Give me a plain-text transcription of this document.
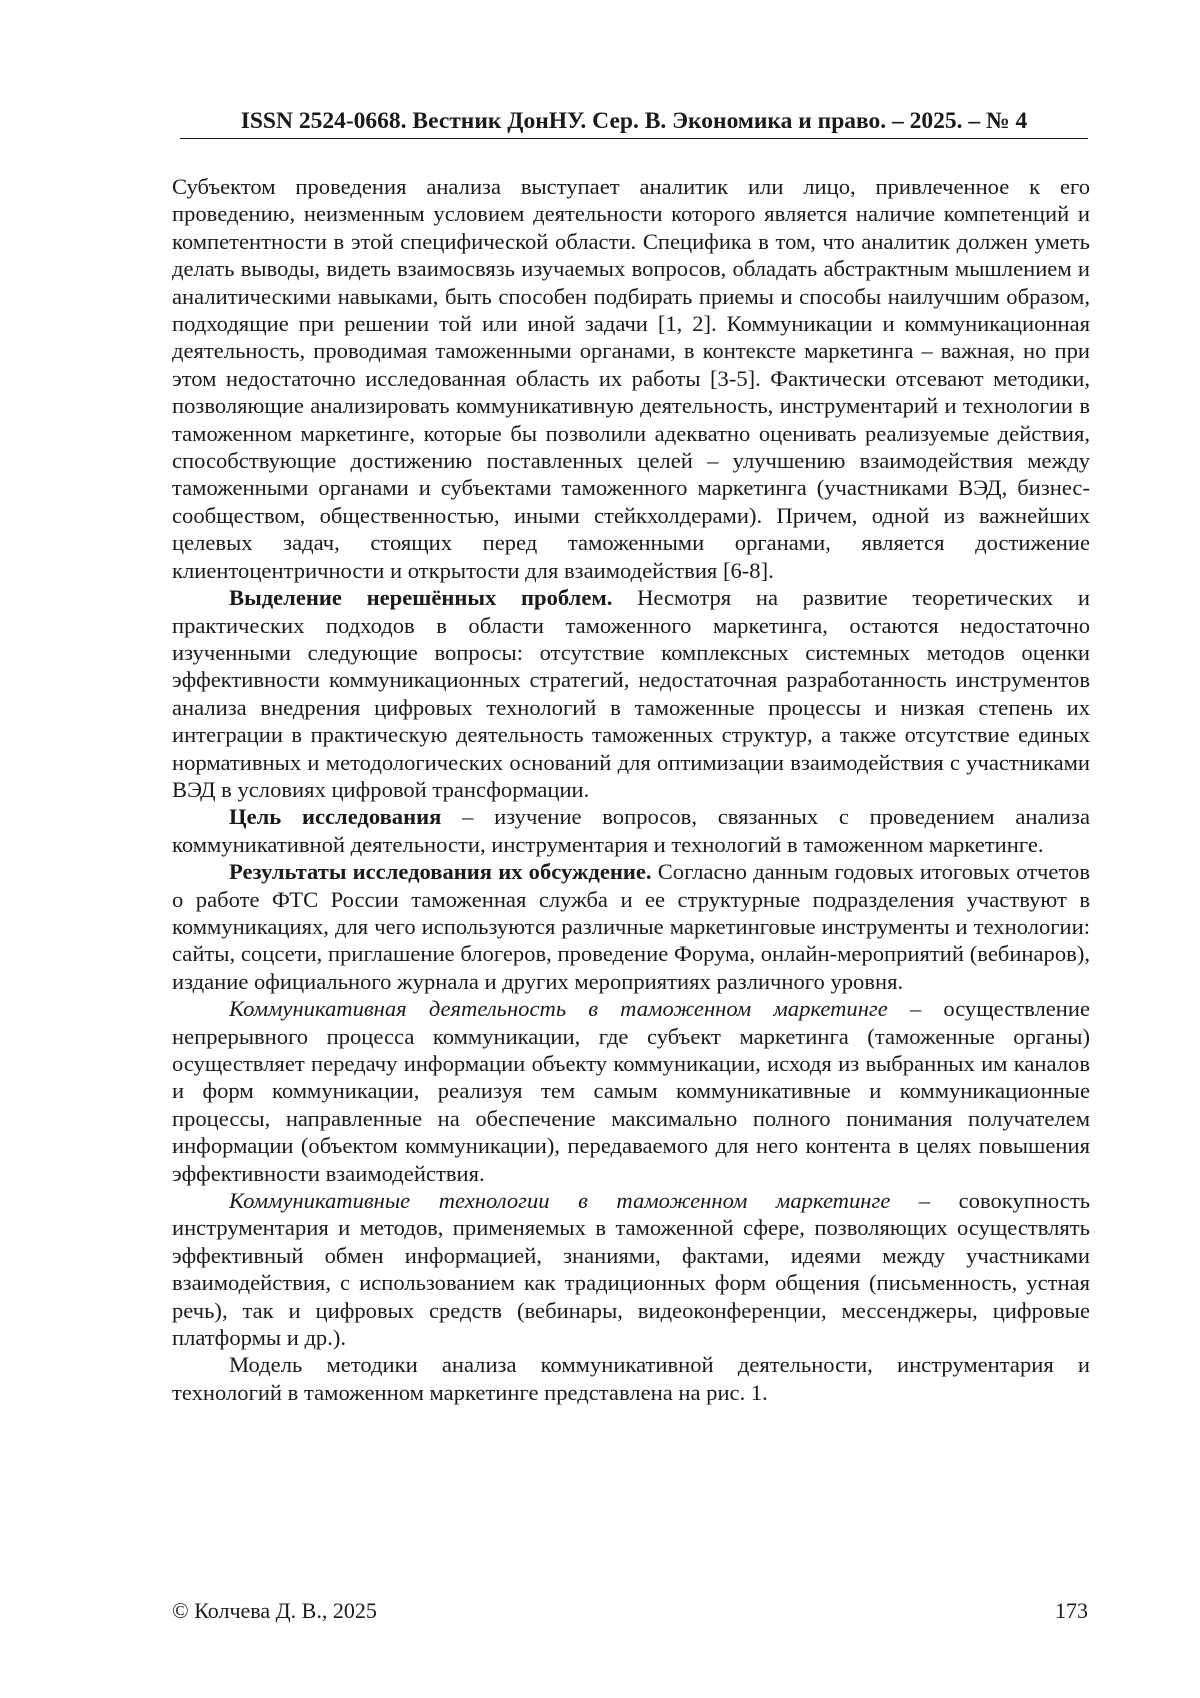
ISSN 2524-0668. Вестник ДонНУ. Сер. В. Экономика и право. – 2025. – № 4

Субъектом проведения анализа выступает аналитик или лицо, привлеченное к его проведению, неизменным условием деятельности которого является наличие компетенций и компетентности в этой специфической области. Специфика в том, что аналитик должен уметь делать выводы, видеть взаимосвязь изучаемых вопросов, обладать абстрактным мышлением и аналитическими навыками, быть способен подбирать приемы и способы наилучшим образом, подходящие при решении той или иной задачи [1, 2]. Коммуникации и коммуникационная деятельность, проводимая таможенными органами, в контексте маркетинга – важная, но при этом недостаточно исследованная область их работы [3-5]. Фактически отсевают методики, позволяющие анализировать коммуникативную деятельность, инструментарий и технологии в таможенном маркетинге, которые бы позволили адекватно оценивать реализуемые действия, способствующие достижению поставленных целей – улучшению взаимодействия между таможенными органами и субъектами таможенного маркетинга (участниками ВЭД, бизнес-сообществом, общественностью, иными стейкхолдерами). Причем, одной из важнейших целевых задач, стоящих перед таможенными органами, является достижение клиентоцентричности и открытости для взаимодействия [6-8].

Выделение нерешённых проблем. Несмотря на развитие теоретических и практических подходов в области таможенного маркетинга, остаются недостаточно изученными следующие вопросы: отсутствие комплексных системных методов оценки эффективности коммуникационных стратегий, недостаточная разработанность инструментов анализа внедрения цифровых технологий в таможенные процессы и низкая степень их интеграции в практическую деятельность таможенных структур, а также отсутствие единых нормативных и методологических оснований для оптимизации взаимодействия с участниками ВЭД в условиях цифровой трансформации.

Цель исследования – изучение вопросов, связанных с проведением анализа коммуникативной деятельности, инструментария и технологий в таможенном маркетинге.

Результаты исследования их обсуждение. Согласно данным годовых итоговых отчетов о работе ФТС России таможенная служба и ее структурные подразделения участвуют в коммуникациях, для чего используются различные маркетинговые инструменты и технологии: сайты, соцсети, приглашение блогеров, проведение Форума, онлайн-мероприятий (вебинаров), издание официального журнала и других мероприятиях различного уровня.

Коммуникативная деятельность в таможенном маркетинге – осуществление непрерывного процесса коммуникации, где субъект маркетинга (таможенные органы) осуществляет передачу информации объекту коммуникации, исходя из выбранных им каналов и форм коммуникации, реализуя тем самым коммуникативные и коммуникационные процессы, направленные на обеспечение максимально полного понимания получателем информации (объектом коммуникации), передаваемого для него контента в целях повышения эффективности взаимодействия.

Коммуникативные технологии в таможенном маркетинге – совокупность инструментария и методов, применяемых в таможенной сфере, позволяющих осуществлять эффективный обмен информацией, знаниями, фактами, идеями между участниками взаимодействия, с использованием как традиционных форм общения (письменность, устная речь), так и цифровых средств (вебинары, видеоконференции, мессенджеры, цифровые платформы и др.).

Модель методики анализа коммуникативной деятельности, инструментария и технологий в таможенном маркетинге представлена на рис. 1.

© Колчева Д. В., 2025	173
